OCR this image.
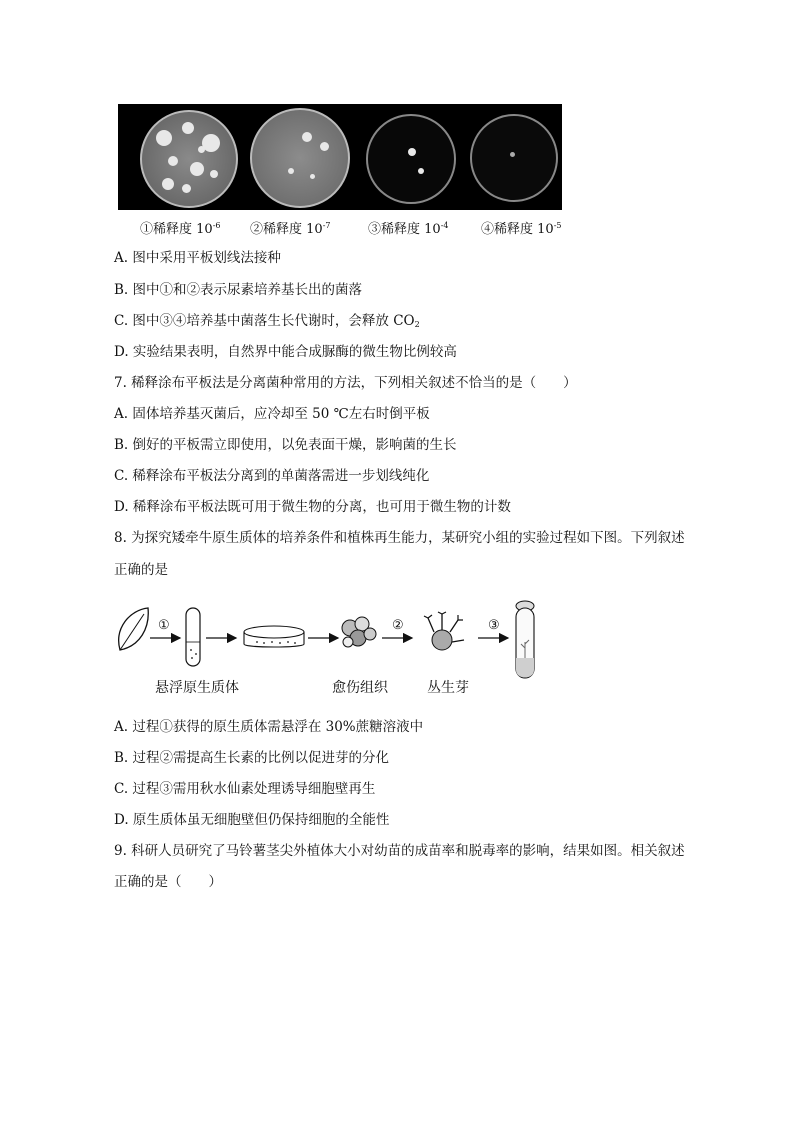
①稀释度 $10^{-6}$ ②稀释度 $10^{-7}$	③稀释度 $10^{-4}$	④稀释度 $10^{-5}$
A. 图中采用平板划线法接种
B. 图中①和②表示尿素培养基长出的菌落
C. 图中③④培养基中菌落生长代谢时，会释放 $CO_2$
D. 实验结果表明，自然界中能合成脲酶的微生物比例较高
7. 稀释涂布平板法是分离菌种常用的方法，下列相关叙述不恰当的是（　　）
A. 固体培养基灭菌后，应冷却至 50 ℃左右时倒平板
B. 倒好的平板需立即使用，以免表面干燥，影响菌的生长
C. 稀释涂布平板法分离到的单菌落需进一步划线纯化
D. 稀释涂布平板法既可用于微生物的分离，也可用于微生物的计数
8. 为探究矮牵牛原生质体的培养条件和植株再生能力，某研究小组的实验过程如下图。下列叙述
正确的是
①	②	③
悬浮原生质体	愈伤组织	丛生芽
A. 过程①获得的原生质体需悬浮在 30%蔗糖溶液中
B. 过程②需提高生长素的比例以促进芽的分化
C. 过程③需用秋水仙素处理诱导细胞壁再生
D. 原生质体虽无细胞壁但仍保持细胞的全能性
9. 科研人员研究了马铃薯茎尖外植体大小对幼苗的成苗率和脱毒率的影响，结果如图。相关叙述
正确的是（　　）
